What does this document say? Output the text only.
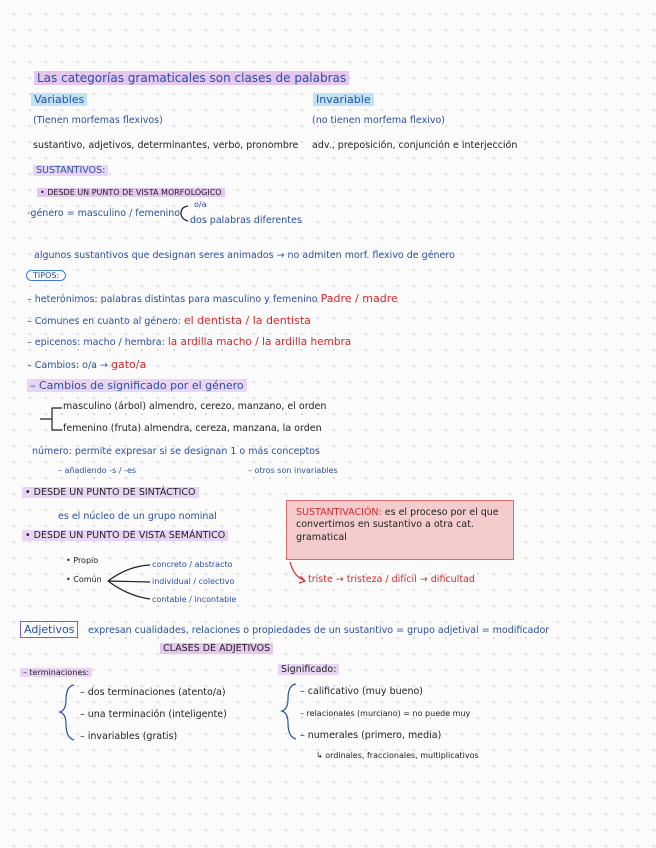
Las categorías gramaticales son clases de palabras
Variables
(Tienen morfemas flexivos)
sustantivo, adjetivos, determinantes, verbo, pronombre
Invariable
(no tienen morfema flexivo)
adv., preposición, conjunción e interjección
SUSTANTIVOS:
• DESDE UN PUNTO DE VISTA MORFOLÓGICO
-género = masculino / femenino
o/a
dos palabras diferentes
algunos sustantivos que designan seres animados → no admiten morf. flexivo de género
TIPOS:
– heterónimos: palabras distintas para masculino y femenino Padre / madre
– Comunes en cuanto al género: el dentista / la dentista
– epicenos: macho / hembra: la ardilla macho / la ardilla hembra
– Cambios: o/a → gato/a
– Cambios de significado por el género
masculino (árbol) almendro, cerezo, manzano, el orden
femenino (fruta) almendra, cereza, manzana, la orden
número: permite expresar si se designan 1 o más conceptos
– añadiendo -s / -es	– otros son invariables
• DESDE UN PUNTO DE SINTÁCTICO
es el núcleo de un grupo nominal
• DESDE UN PUNTO DE VISTA SEMÁNTICO
• Propio
• Común
concreto / abstracto
individual / colectivo
contable / incontable
SUSTANTIVACIÓN: es el proceso por el que convertimos en sustantivo a otra cat. gramatical
triste → tristeza / difícil → dificultad
Adjetivos	expresan cualidades, relaciones o propiedades de un sustantivo = grupo adjetival = modificador
CLASES DE ADJETIVOS
– terminaciones:
– dos terminaciones (atento/a)
– una terminación (inteligente)
– invariables (gratis)
Significado:
– calificativo (muy bueno)
– relacionales (murciano) = no puede muy
– numerales (primero, media)
↳ ordinales, fraccionales, multiplicativos
